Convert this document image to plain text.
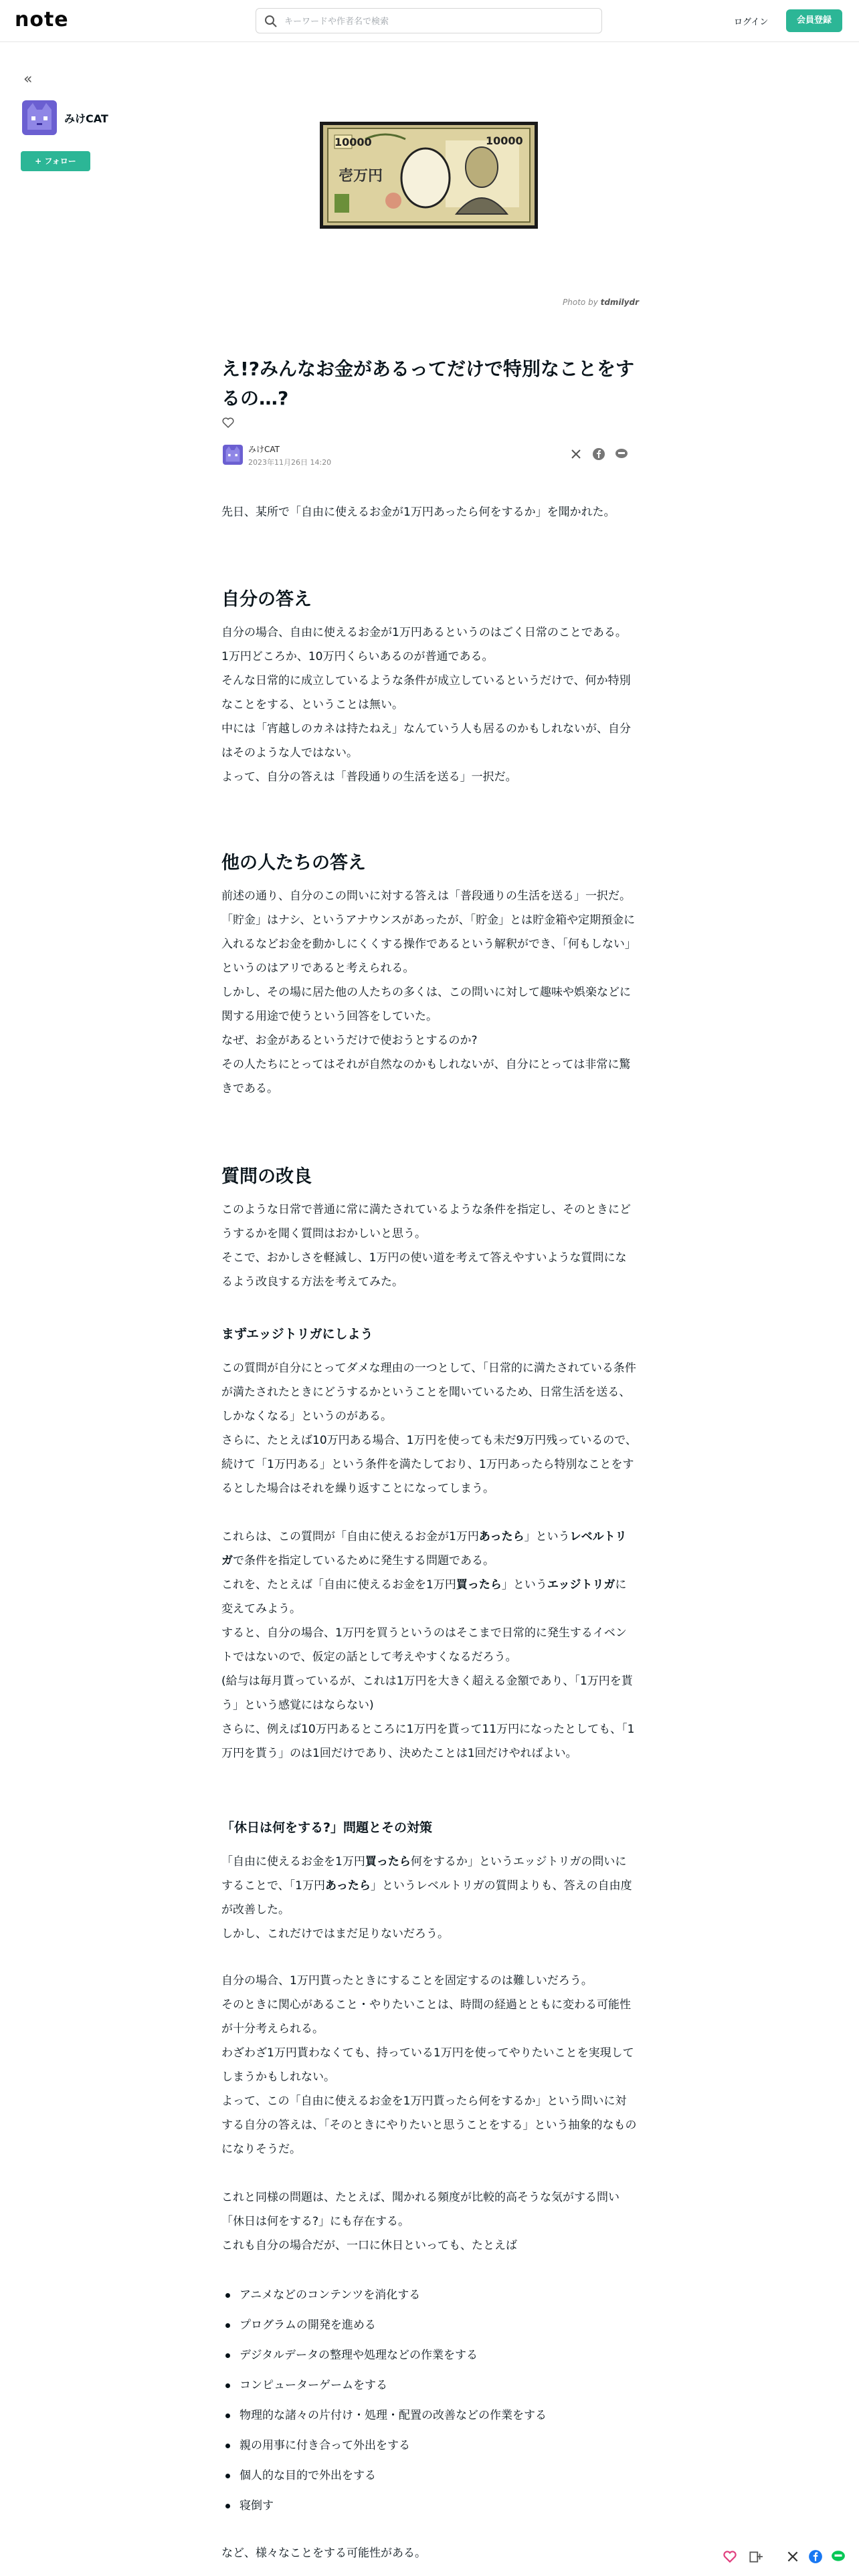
note
キーワードや作者名で検索	ログイン	会員登録
«
みけCAT
+ フォロー
10000	10000
壱万円
Photo by tdmilydr
え!?みんなお金があるってだけで特別なことをするの…?
みけCAT
2023年11月26日 14:20

先日、某所で「自由に使えるお金が1万円あったら何をするか」を聞かれた。

自分の答え

自分の場合、自由に使えるお金が1万円あるというのはごく日常のことである。

1万円どころか、10万円くらいあるのが普通である。

そんな日常的に成立しているような条件が成立しているというだけで、何か特別なことをする、ということは無い。

中には「宵越しのカネは持たねえ」なんていう人も居るのかもしれないが、自分はそのような人ではない。

よって、自分の答えは「普段通りの生活を送る」一択だ。

他の人たちの答え

前述の通り、自分のこの問いに対する答えは「普段通りの生活を送る」一択だ。

「貯金」はナシ、というアナウンスがあったが、「貯金」とは貯金箱や定期預金に入れるなどお金を動かしにくくする操作であるという解釈ができ、「何もしない」というのはアリであると考えられる。

しかし、その場に居た他の人たちの多くは、この問いに対して趣味や娯楽などに関する用途で使うという回答をしていた。

なぜ、お金があるというだけで使おうとするのか?

その人たちにとってはそれが自然なのかもしれないが、自分にとっては非常に驚きである。

質問の改良

このような日常で普通に常に満たされているような条件を指定し、そのときにどうするかを聞く質問はおかしいと思う。

そこで、おかしさを軽減し、1万円の使い道を考えて答えやすいような質問になるよう改良する方法を考えてみた。

まずエッジトリガにしよう

この質問が自分にとってダメな理由の一つとして、「日常的に満たされている条件が満たされたときにどうするかということを聞いているため、日常生活を送る、しかなくなる」というのがある。

さらに、たとえば10万円ある場合、1万円を使っても未だ9万円残っているので、続けて「1万円ある」という条件を満たしており、1万円あったら特別なことをするとした場合はそれを繰り返すことになってしまう。

これらは、この質問が「自由に使えるお金が1万円あったら」というレベルトリガで条件を指定しているために発生する問題である。

これを、たとえば「自由に使えるお金を1万円買ったら」というエッジトリガに変えてみよう。

すると、自分の場合、1万円を買うというのはそこまで日常的に発生するイベントではないので、仮定の話として考えやすくなるだろう。

(給与は毎月貰っているが、これは1万円を大きく超える金額であり、「1万円を貰う」という感覚にはならない)

さらに、例えば10万円あるところに1万円を貰って11万円になったとしても、「1万円を貰う」のは1回だけであり、決めたことは1回だけやればよい。

「休日は何をする?」問題とその対策

「自由に使えるお金を1万円買ったら何をするか」というエッジトリガの問いにすることで、「1万円あったら」というレベルトリガの質問よりも、答えの自由度が改善した。

しかし、これだけではまだ足りないだろう。

自分の場合、1万円貰ったときにすることを固定するのは難しいだろう。

そのときに関心があること・やりたいことは、時間の経過とともに変わる可能性が十分考えられる。

わざわざ1万円貰わなくても、持っている1万円を使ってやりたいことを実現してしまうかもしれない。

よって、この「自由に使えるお金を1万円貰ったら何をするか」という問いに対する自分の答えは、「そのときにやりたいと思うことをする」という抽象的なものになりそうだ。

これと同様の問題は、たとえば、聞かれる頻度が比較的高そうな気がする問い「休日は何をする?」にも存在する。

これも自分の場合だが、一口に休日といっても、たとえば

アニメなどのコンテンツを消化する
プログラムの開発を進める
デジタルデータの整理や処理などの作業をする
コンピューターゲームをする
物理的な諸々の片付け・処理・配置の改善などの作業をする
親の用事に付き合って外出をする
個人的な目的で外出をする
寝倒す

など、様々なことをする可能性がある。
